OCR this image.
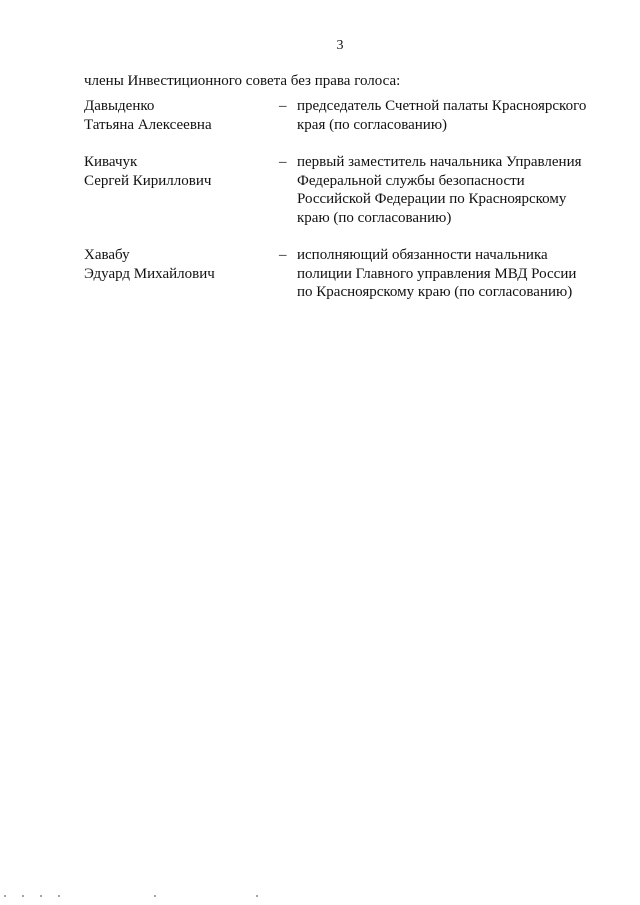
3
члены Инвестиционного совета без права голоса:
Давыденко
Татьяна Алексеевна
– председатель Счетной палаты Красноярского
края (по согласованию)
Кивачук
Сергей Кириллович
– первый заместитель начальника Управления
Федеральной службы безопасности
Российской Федерации по Красноярскому
краю (по согласованию)
Хавабу
Эдуард Михайлович
– исполняющий обязанности начальника
полиции Главного управления МВД России
по Красноярскому краю (по согласованию)
